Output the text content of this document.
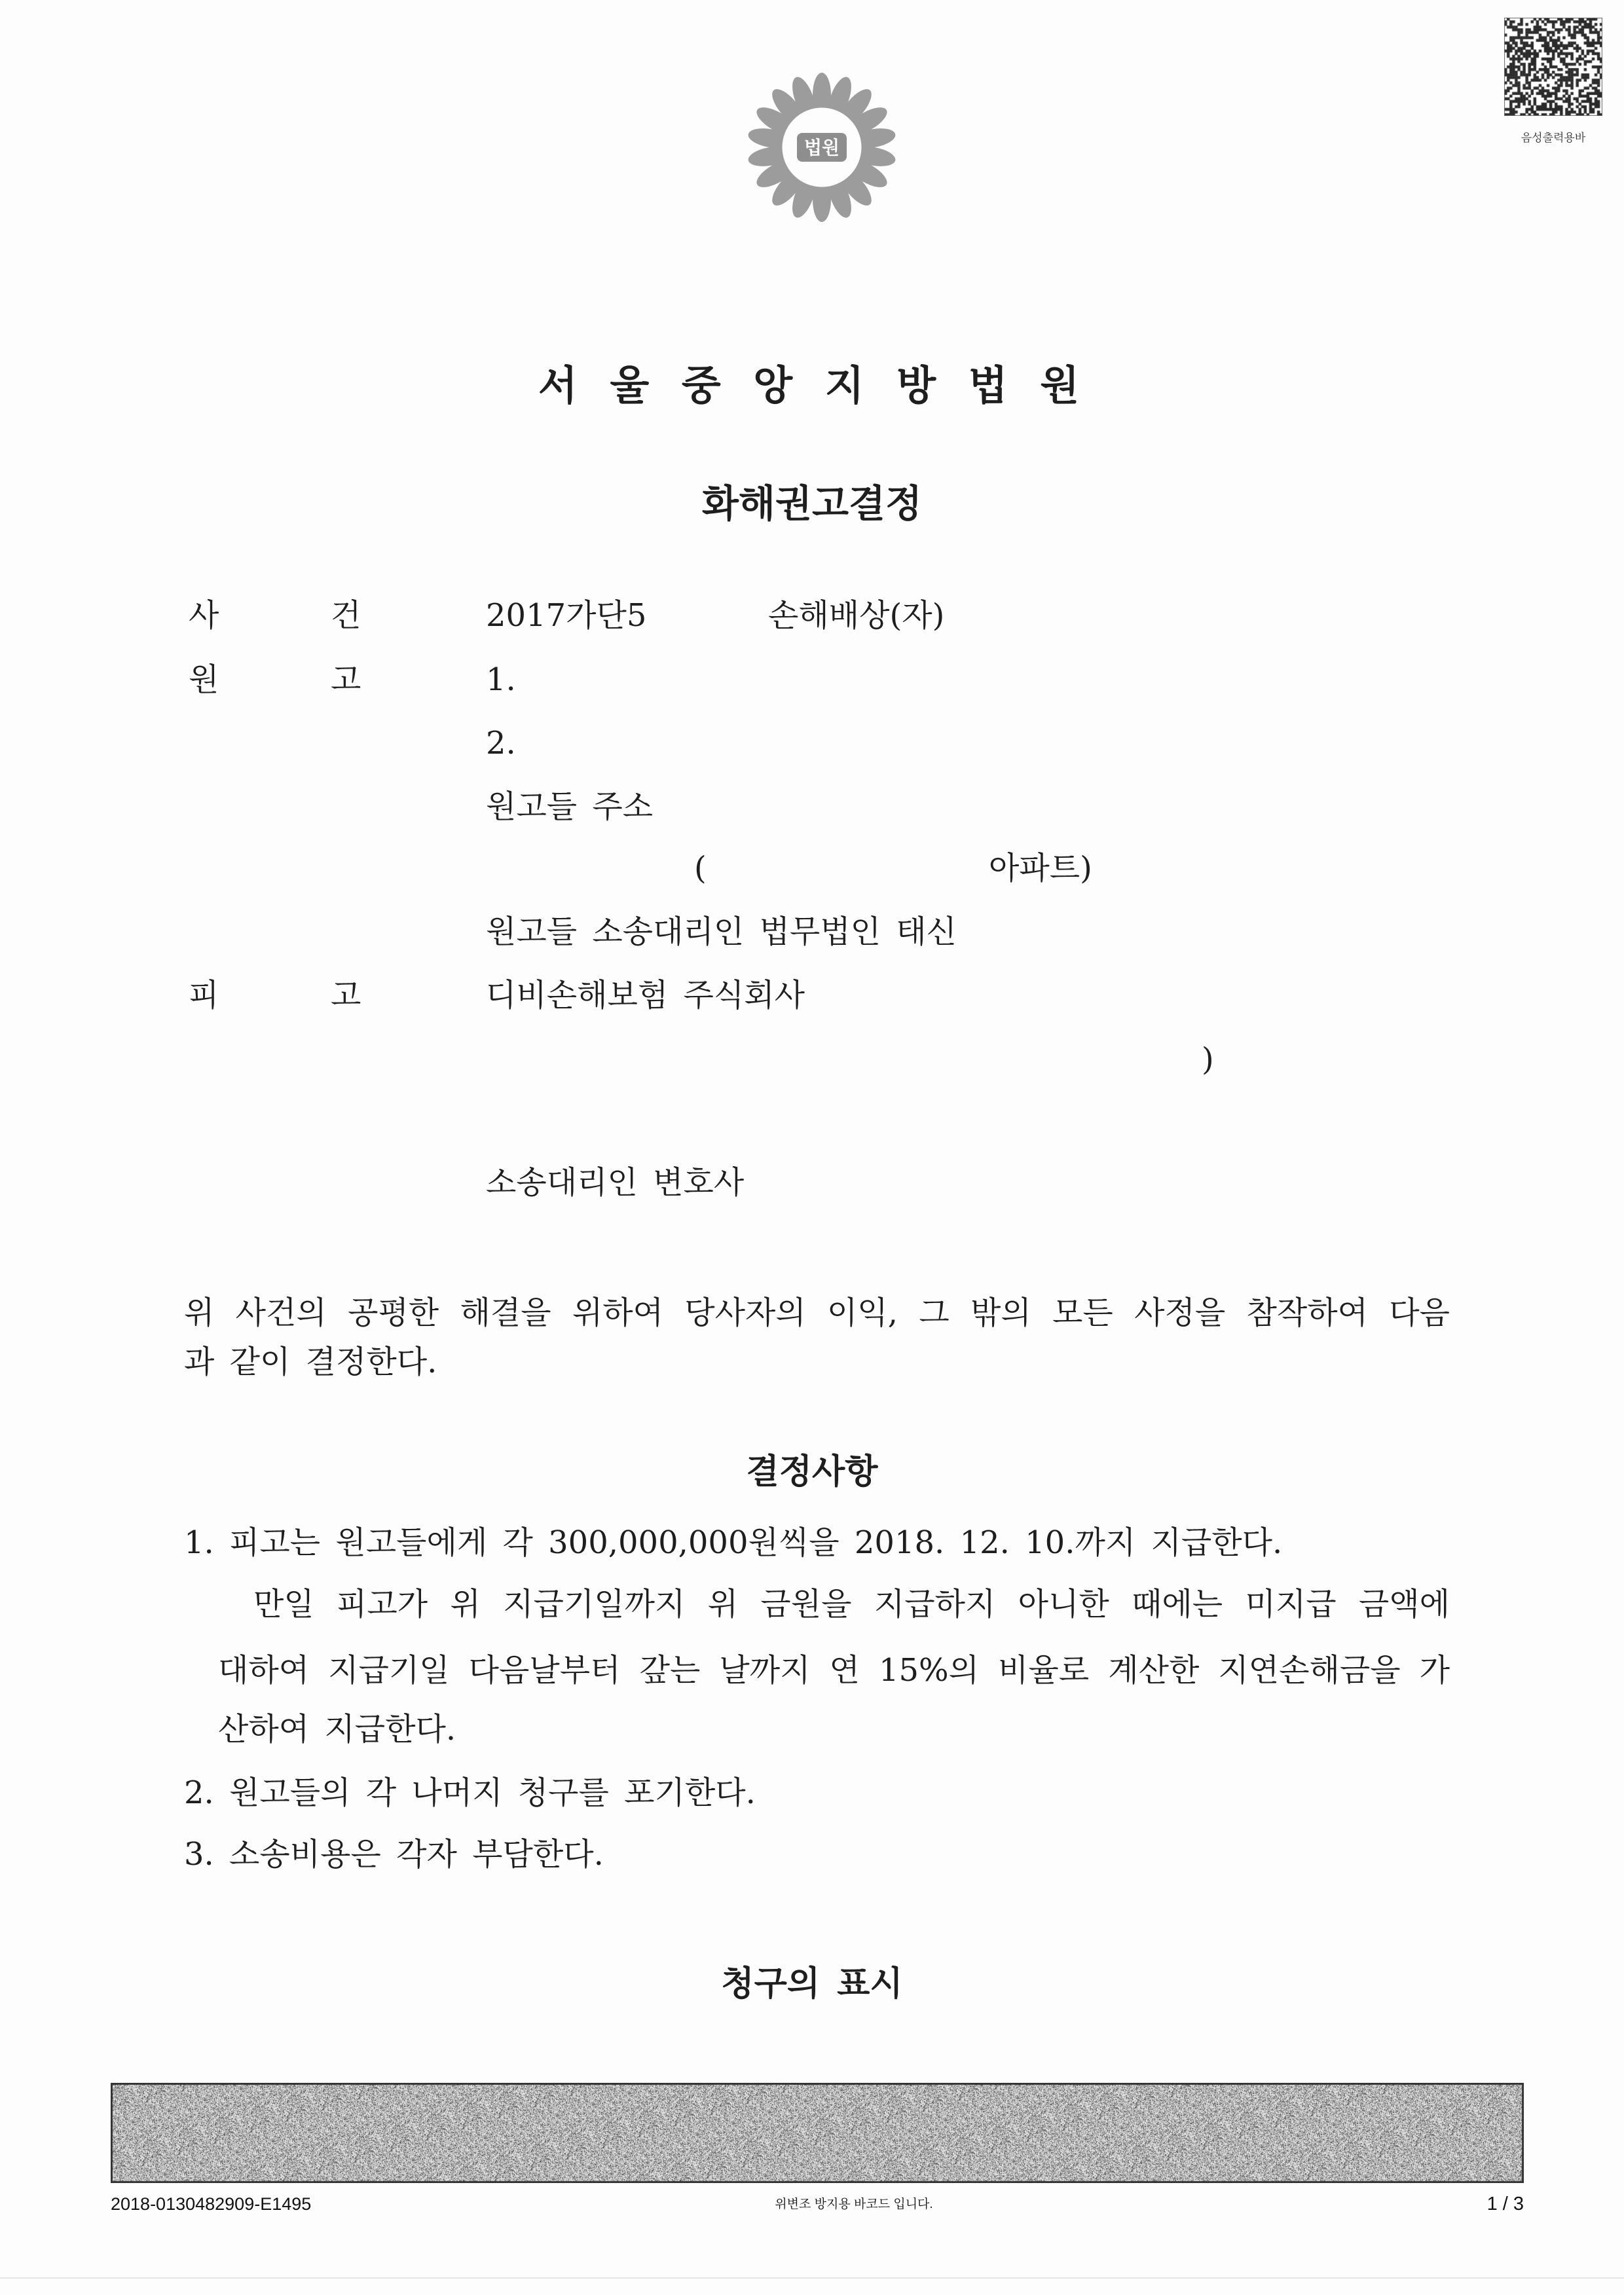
법원	음성출력용바
서 울 중 앙 지 방 법 원
화해권고결정
사	건	2017가단5	손해배상(자)
원	고	1.
2.
원고들 주소
(	아파트)
원고들 소송대리인 법무법인 태신
피	고	디비손해보험 주식회사
)
소송대리인 변호사
위 사건의 공평한 해결을 위하여 당사자의 이익, 그 밖의 모든 사정을 참작하여 다음
과 같이 결정한다.
결정사항
1. 피고는 원고들에게 각 300,000,000원씩을 2018. 12. 10.까지 지급한다.
만일 피고가 위 지급기일까지 위 금원을 지급하지 아니한 때에는 미지급 금액에
대하여 지급기일 다음날부터 갚는 날까지 연 15%의 비율로 계산한 지연손해금을 가
산하여 지급한다.
2. 원고들의 각 나머지 청구를 포기한다.
3. 소송비용은 각자 부담한다.
청구의 표시
2018-0130482909-E1495	위변조 방지용 바코드 입니다.	1 / 3
